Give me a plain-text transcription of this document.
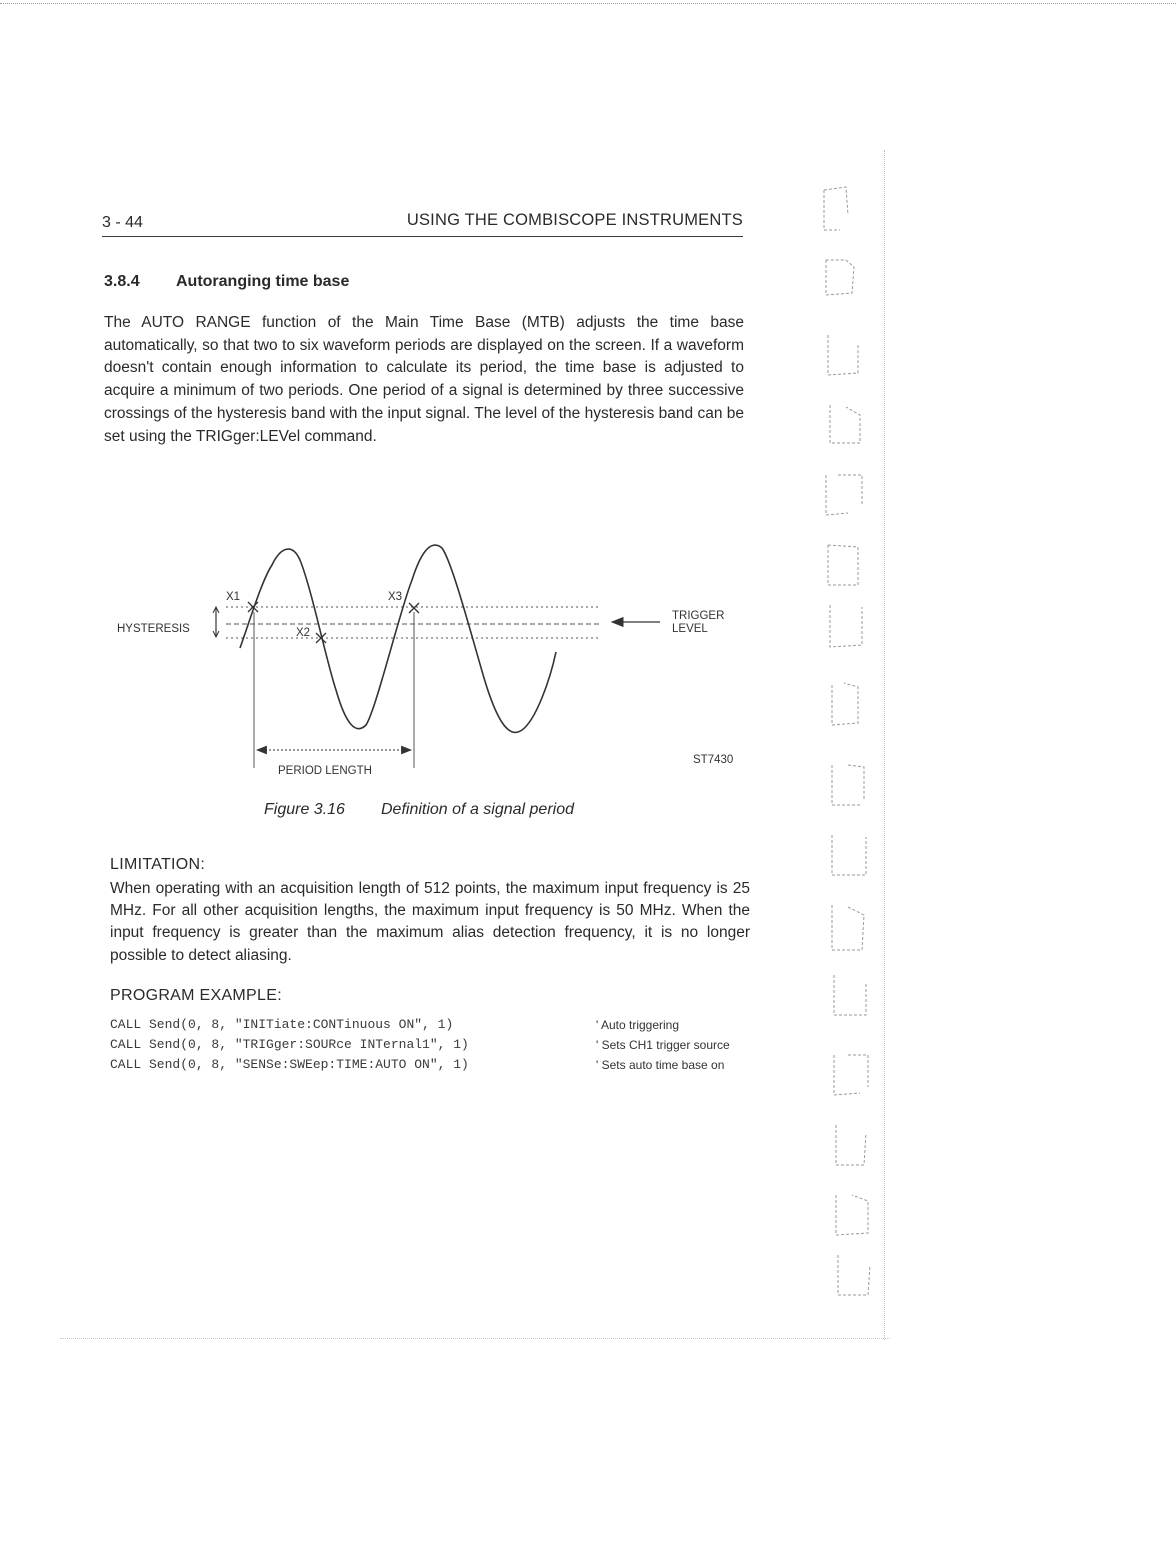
3 - 44	USING THE COMBISCOPE INSTRUMENTS
3.8.4 Autoranging time base

The AUTO RANGE function of the Main Time Base (MTB) adjusts the time base automatically, so that two to six waveform periods are displayed on the screen. If a waveform doesn't contain enough information to calculate its period, the time base is adjusted to acquire a minimum of two periods. One period of a signal is determined by three successive crossings of the hysteresis band with the input signal. The level of the hysteresis band can be set using the TRIGger:LEVel command.

X1
X2
X3
HYSTERESIS
TRIGGER
LEVEL
PERIOD LENGTH
ST7430
Figure 3.16 Definition of a signal period
LIMITATION:

When operating with an acquisition length of 512 points, the maximum input frequency is 25 MHz. For all other acquisition lengths, the maximum input frequency is 50 MHz. When the input frequency is greater than the maximum alias detection frequency, it is no longer possible to detect aliasing.

PROGRAM EXAMPLE:
CALL Send(0, 8, "INITiate:CONTinuous ON", 1)
CALL Send(0, 8, "TRIGger:SOURce INTernal1", 1)
CALL Send(0, 8, "SENSe:SWEep:TIME:AUTO ON", 1)
' Auto triggering
' Sets CH1 trigger source
' Sets auto time base on
